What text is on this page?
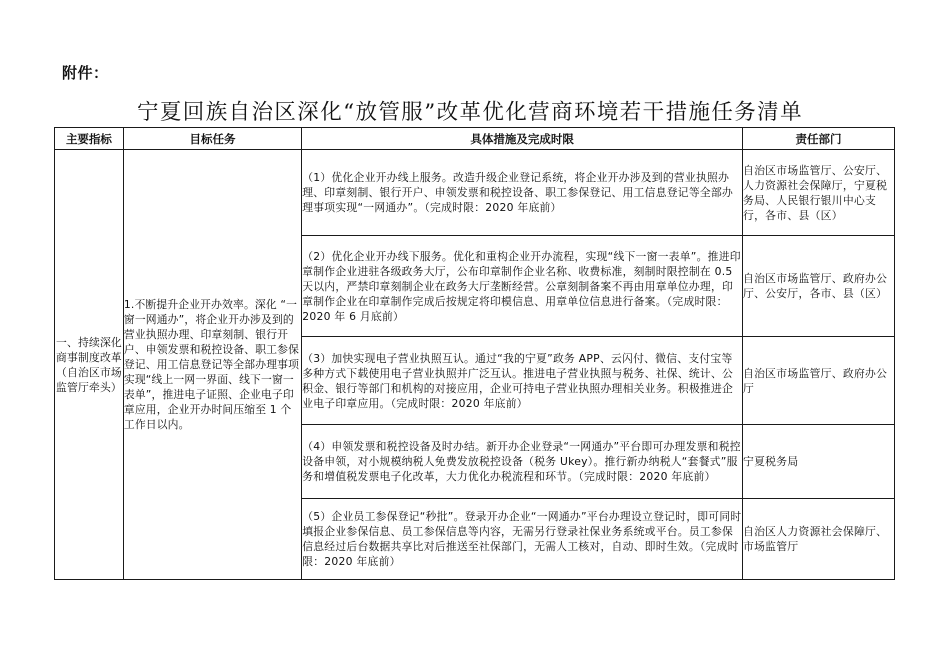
附件：
宁夏回族自治区深化“放管服”改革优化营商环境若干措施任务清单
主要指标	目标任务	具体措施及完成时限	责任部门
一、持续深化商事制度改革（自治区市场监管厅牵头）	1.不断提升企业开办效率。深化 “一窗一网通办”，将企业开办涉及到的营业执照办理、印章刻制、银行开户、申领发票和税控设备、职工参保登记、用工信息登记等全部办理事项实现“线上一网一界面、线下一窗一表单”，推进电子证照、企业电子印章应用，企业开办时间压缩至 1 个工作日以内。	（1）优化企业开办线上服务。改造升级企业登记系统，将企业开办涉及到的营业执照办理、印章刻制、银行开户、申领发票和税控设备、职工参保登记、用工信息登记等全部办理事项实现“一网通办”。（完成时限：2020 年底前）	自治区市场监管厅、公安厅、人力资源社会保障厅，宁夏税务局、人民银行银川中心支行，各市、县（区）
		（2）优化企业开办线下服务。优化和重构企业开办流程，实现“线下一窗一表单”。推进印章制作企业进驻各级政务大厅，公布印章制作企业名称、收费标准，刻制时限控制在 0.5 天以内，严禁印章刻制企业在政务大厅垄断经营。公章刻制备案不再由用章单位办理，印章制作企业在印章制作完成后按规定将印模信息、用章单位信息进行备案。（完成时限：2020 年 6 月底前）	自治区市场监管厅、政府办公厅、公安厅，各市、县（区）
		（3）加快实现电子营业执照互认。通过“我的宁夏”政务 APP、云闪付、微信、支付宝等多种方式下载使用电子营业执照并广泛互认。推进电子营业执照与税务、社保、统计、公积金、银行等部门和机构的对接应用，企业可持电子营业执照办理相关业务。积极推进企业电子印章应用。（完成时限：2020 年底前）	自治区市场监管厅、政府办公厅
		（4）申领发票和税控设备及时办结。新开办企业登录“一网通办”平台即可办理发票和税控设备申领，对小规模纳税人免费发放税控设备（税务 Ukey）。推行新办纳税人“套餐式”服务和增值税发票电子化改革，大力优化办税流程和环节。（完成时限：2020 年底前）	宁夏税务局
		（5）企业员工参保登记“秒批”。登录开办企业“一网通办”平台办理设立登记时，即可同时填报企业参保信息、员工参保信息等内容，无需另行登录社保业务系统或平台。员工参保信息经过后台数据共享比对后推送至社保部门，无需人工核对，自动、即时生效。（完成时限：2020 年底前）	自治区人力资源社会保障厅、市场监管厅
